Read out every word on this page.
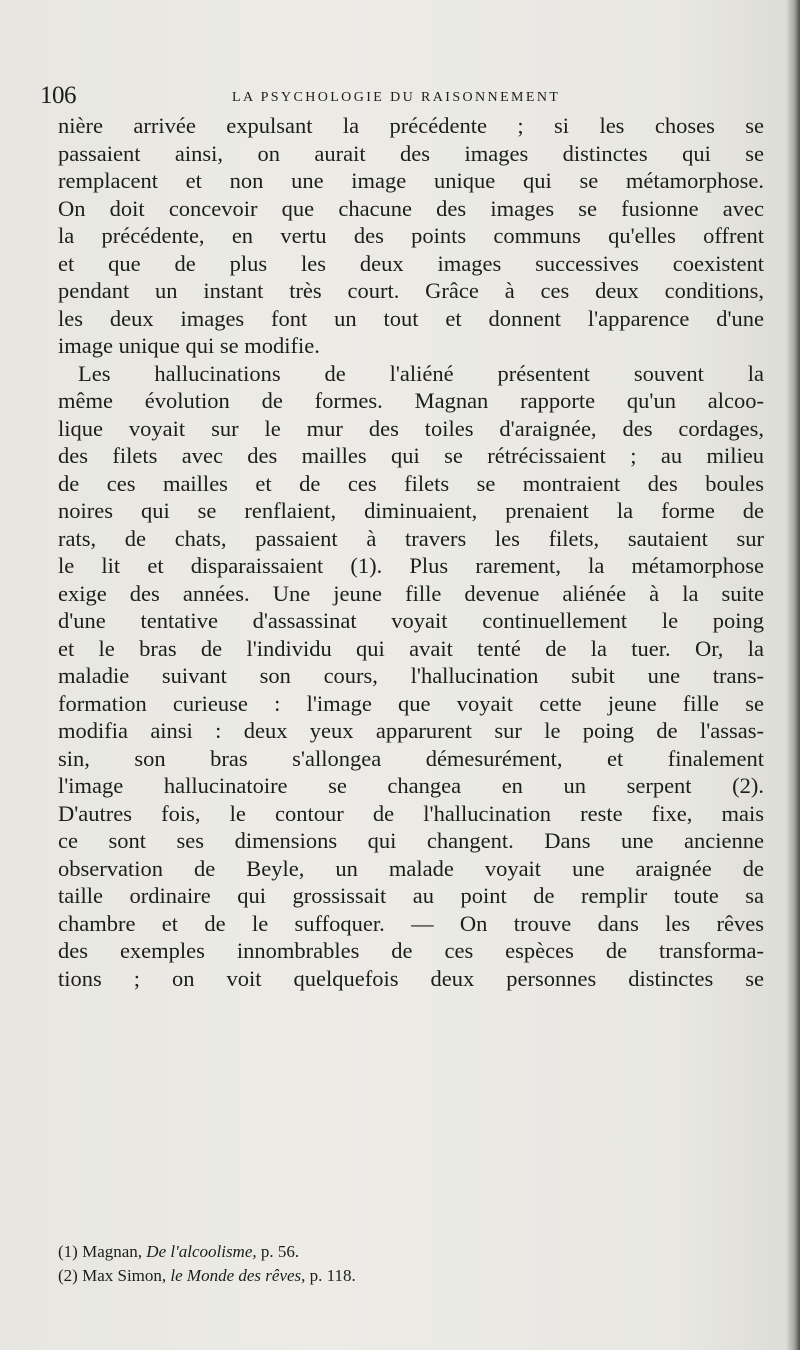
106	LA PSYCHOLOGIE DU RAISONNEMENT
nière arrivée expulsant la précédente ; si les choses se
passaient ainsi, on aurait des images distinctes qui se
remplacent et non une image unique qui se métamorphose.
On doit concevoir que chacune des images se fusionne avec
la précédente, en vertu des points communs qu'elles offrent
et que de plus les deux images successives coexistent
pendant un instant très court. Grâce à ces deux conditions,
les deux images font un tout et donnent l'apparence d'une
image unique qui se modifie.
Les hallucinations de l'aliéné présentent souvent la
même évolution de formes. Magnan rapporte qu'un alcoo-
lique voyait sur le mur des toiles d'araignée, des cordages,
des filets avec des mailles qui se rétrécissaient ; au milieu
de ces mailles et de ces filets se montraient des boules
noires qui se renflaient, diminuaient, prenaient la forme de
rats, de chats, passaient à travers les filets, sautaient sur
le lit et disparaissaient (1). Plus rarement, la métamorphose
exige des années. Une jeune fille devenue aliénée à la suite
d'une tentative d'assassinat voyait continuellement le poing
et le bras de l'individu qui avait tenté de la tuer. Or, la
maladie suivant son cours, l'hallucination subit une trans-
formation curieuse : l'image que voyait cette jeune fille se
modifia ainsi : deux yeux apparurent sur le poing de l'assas-
sin, son bras s'allongea démesurément, et finalement
l'image hallucinatoire se changea en un serpent (2).
D'autres fois, le contour de l'hallucination reste fixe, mais
ce sont ses dimensions qui changent. Dans une ancienne
observation de Beyle, un malade voyait une araignée de
taille ordinaire qui grossissait au point de remplir toute sa
chambre et de le suffoquer. — On trouve dans les rêves
des exemples innombrables de ces espèces de transforma-
tions ; on voit quelquefois deux personnes distinctes se
(1) Magnan, De l'alcoolisme, p. 56.
(2) Max Simon, le Monde des rêves, p. 118.
